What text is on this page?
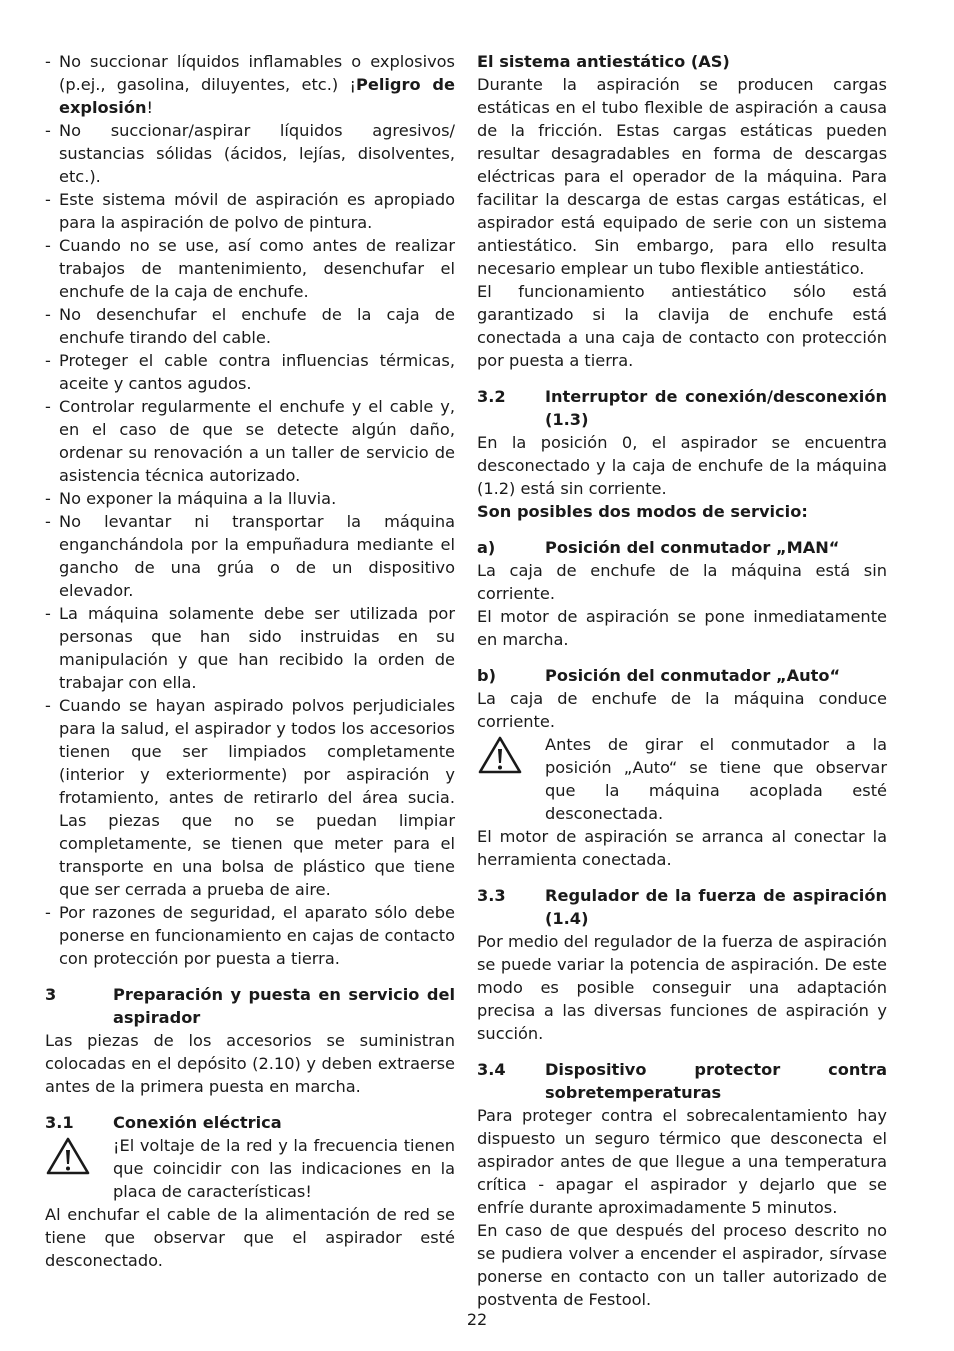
- No succionar líquidos inflamables o explosivos (p.ej., gasolina, diluyentes, etc.) ¡Peligro de explosión!
- No succionar/aspirar líquidos agresivos/ sustancias sólidas (ácidos, lejías, disolventes, etc.).
- Este sistema móvil de aspiración es apropiado para la aspiración de polvo de pintura.
- Cuando no se use, así como antes de realizar trabajos de mantenimiento, desenchufar el enchufe de la caja de enchufe.
- No desenchufar el enchufe de la caja de enchufe tirando del cable.
- Proteger el cable contra influencias térmicas, aceite y cantos agudos.
- Controlar regularmente el enchufe y el cable y, en el caso de que se detecte algún daño, ordenar su renovación a un taller de servicio de asistencia técnica autorizado.
- No exponer la máquina a la lluvia.
- No levantar ni transportar la máquina enganchándola por la empuñadura mediante el gancho de una grúa o de un dispositivo elevador.
- La máquina solamente debe ser utilizada por personas que han sido instruidas en su manipulación y que han recibido la orden de trabajar con ella.
- Cuando se hayan aspirado polvos perjudiciales para la salud, el aspirador y todos los accesorios tienen que ser limpiados completamente (interior y exteriormente) por aspiración y frotamiento, antes de retirarlo del área sucia. Las piezas que no se puedan limpiar completamente, se tienen que meter para el transporte en una bolsa de plástico que tiene que ser cerrada a prueba de aire.
- Por razones de seguridad, el aparato sólo debe ponerse en funcionamiento en cajas de contacto con protección por puesta a tierra.
3	Preparación y puesta en servicio del aspirador

Las piezas de los accesorios se suministran colocadas en el depósito (2.10) y deben extraerse antes de la primera puesta en marcha.

3.1	Conexión eléctrica
¡El voltaje de la red y la frecuencia tienen que coincidir con las indicaciones en la placa de características!

Al enchufar el cable de la alimentación de red se tiene que observar que el aspirador esté desconectado.

El sistema antiestático (AS)

Durante la aspiración se producen cargas estáticas en el tubo flexible de aspiración a causa de la fricción. Estas cargas estáticas pueden resultar desagradables en forma de descargas eléctricas para el operador de la máquina. Para facilitar la descarga de estas cargas estáticas, el aspirador está equipado de serie con un sistema antiestático. Sin embargo, para ello resulta necesario emplear un tubo flexible antiestático.

El funcionamiento antiestático sólo está garantizado si la clavija de enchufe está conectada a una caja de contacto con protección por puesta a tierra.

3.2	Interruptor de conexión/desconexión (1.3)

En la posición 0, el aspirador se encuentra desconectado y la caja de enchufe de la máquina (1.2) está sin corriente.

Son posibles dos modos de servicio:

a)	Posición del conmutador „MAN“

La caja de enchufe de la máquina está sin corriente.

El motor de aspiración se pone inmediatamente en marcha.

b)	Posición del conmutador „Auto“

La caja de enchufe de la máquina conduce corriente.

Antes de girar el conmutador a la posición „Auto“ se tiene que observar que la máquina acoplada esté desconectada.

El motor de aspiración se arranca al conectar la herramienta conectada.

3.3	Regulador de la fuerza de aspiración (1.4)

Por medio del regulador de la fuerza de aspiración se puede variar la potencia de aspiración. De este modo es posible conseguir una adaptación precisa a las diversas funciones de aspiración y succión.

3.4	Dispositivo protector contra sobretemperaturas

Para proteger contra el sobrecalentamiento hay dispuesto un seguro térmico que desconecta el aspirador antes de que llegue a una temperatura crítica - apagar el aspirador y dejarlo que se enfríe durante aproximadamente 5 minutos.

En caso de que después del proceso descrito no se pudiera volver a encender el aspirador, sírvase ponerse en contacto con un taller autorizado de postventa de Festool.

22
